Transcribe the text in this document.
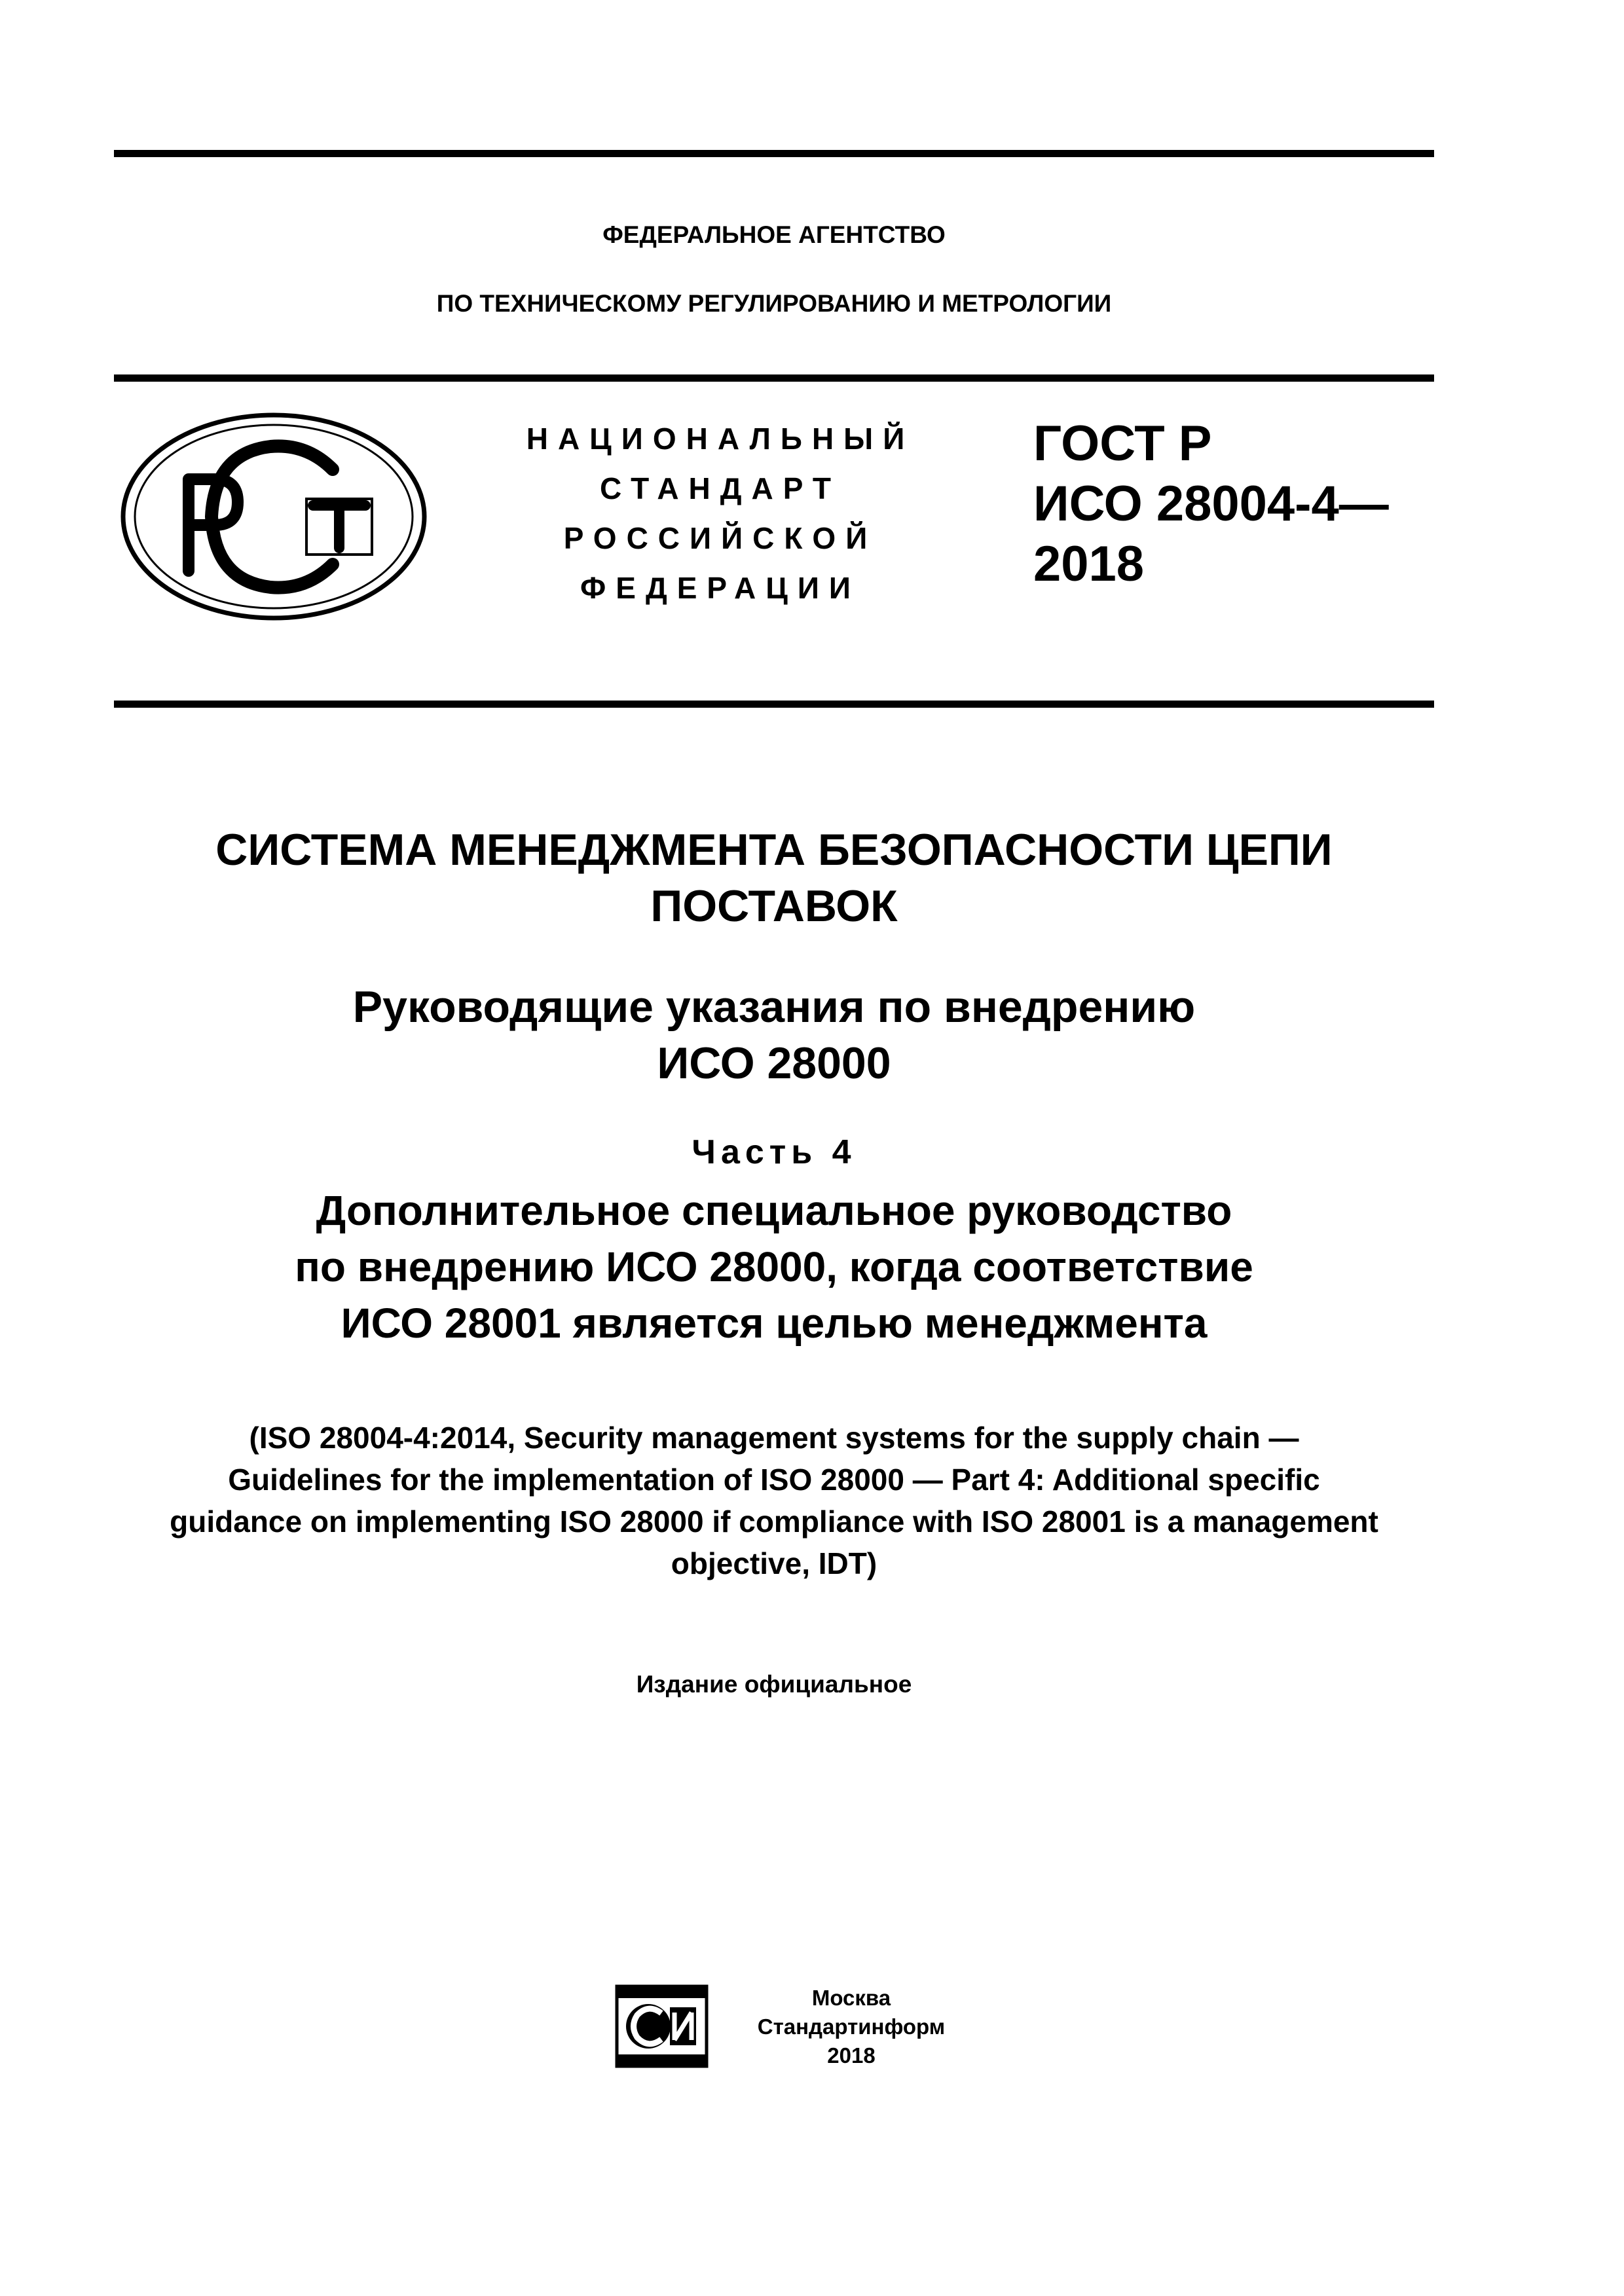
ФЕДЕРАЛЬНОЕ АГЕНТСТВО
ПО ТЕХНИЧЕСКОМУ РЕГУЛИРОВАНИЮ И МЕТРОЛОГИИ
НАЦИОНАЛЬНЫЙ
СТАНДАРТ
РОССИЙСКОЙ
ФЕДЕРАЦИИ
ГОСТ Р
ИСО 28004-4—
2018
СИСТЕМА МЕНЕДЖМЕНТА БЕЗОПАСНОСТИ ЦЕПИ
ПОСТАВОК
Руководящие указания по внедрению
ИСО 28000
Часть 4
Дополнительное специальное руководство
по внедрению ИСО 28000, когда соответствие
ИСО 28001 является целью менеджмента
(ISO 28004-4:2014, Security management systems for the supply chain —
Guidelines for the implementation of ISO 28000 — Part 4: Additional specific
guidance on implementing ISO 28000 if compliance with ISO 28001 is a management
objective, IDT)
Издание официальное
Москва
Стандартинформ
2018
